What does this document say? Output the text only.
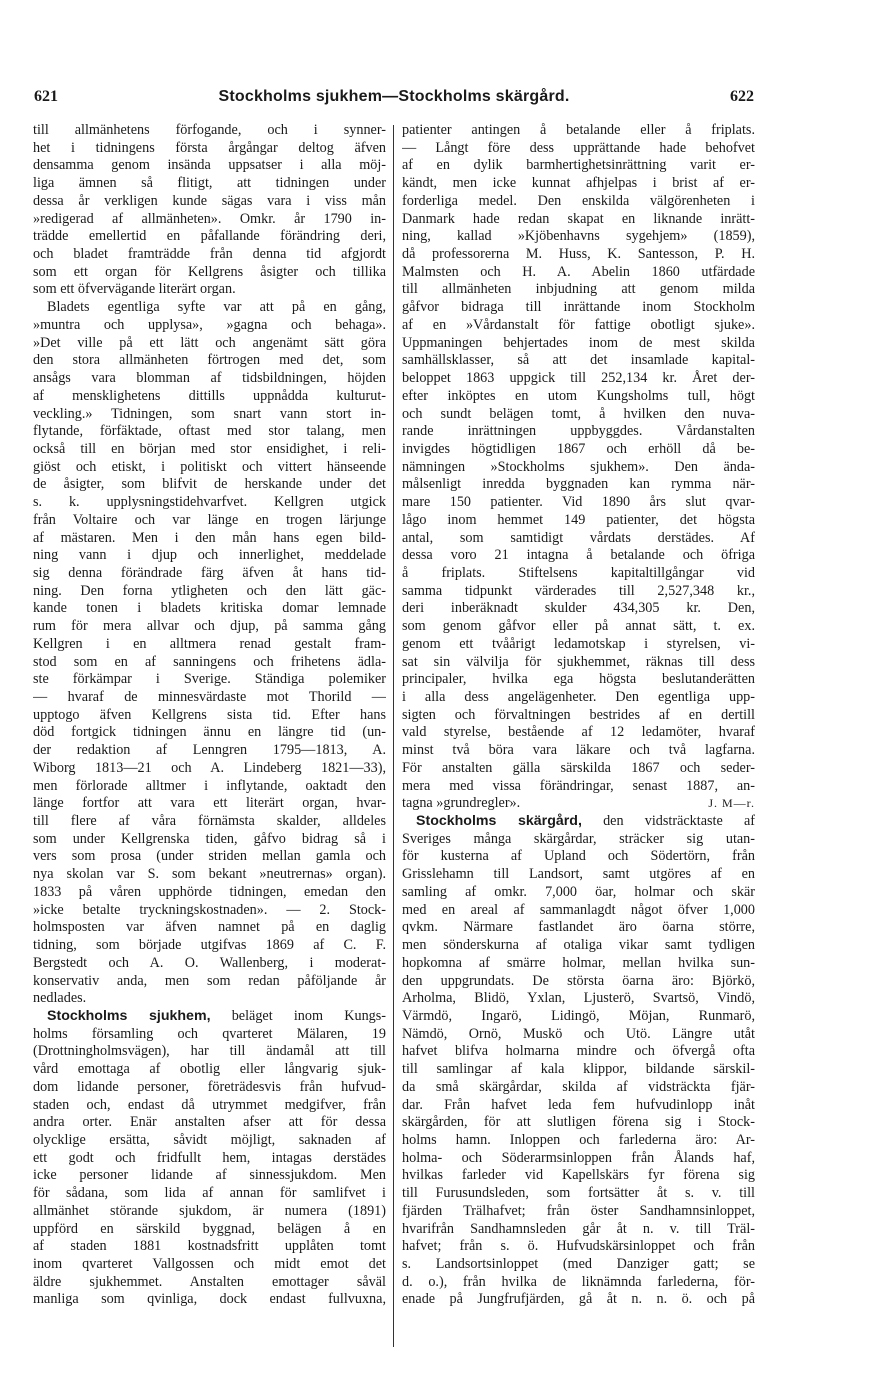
621	Stockholms sjukhem—Stockholms skärgård.	622
till allmänhetens förfogande, och i synner-
het i tidningens första årgångar deltog äfven
densamma genom insända uppsatser i alla möj-
liga ämnen så flitigt, att tidningen under
dessa år verkligen kunde sägas vara i viss mån
»redigerad af allmänheten». Omkr. år 1790 in-
trädde emellertid en påfallande förändring deri,
och bladet framträdde från denna tid afgjordt
som ett organ för Kellgrens åsigter och tillika
som ett öfvervägande literärt organ.
Bladets egentliga syfte var att på en gång,
»muntra och upplysa», »gagna och behaga».
»Det ville på ett lätt och angenämt sätt göra
den stora allmänheten förtrogen med det, som
ansågs vara blomman af tidsbildningen, höjden
af mensklighetens dittills uppnådda kulturut-
veckling.» Tidningen, som snart vann stort in-
flytande, förfäktade, oftast med stor talang, men
också till en början med stor ensidighet, i reli-
giöst och etiskt, i politiskt och vittert hänseende
de åsigter, som blifvit de herskande under det
s. k. upplysningstidehvarfvet. Kellgren utgick
från Voltaire och var länge en trogen lärjunge
af mästaren. Men i den mån hans egen bild-
ning vann i djup och innerlighet, meddelade
sig denna förändrade färg äfven åt hans tid-
ning. Den forna ytligheten och den lätt gäc-
kande tonen i bladets kritiska domar lemnade
rum för mera allvar och djup, på samma gång
Kellgren i en alltmera renad gestalt fram-
stod som en af sanningens och frihetens ädla-
ste förkämpar i Sverige. Ständiga polemiker
— hvaraf de minnesvärdaste mot Thorild —
upptogo äfven Kellgrens sista tid. Efter hans
död fortgick tidningen ännu en längre tid (un-
der redaktion af Lenngren 1795—1813, A.
Wiborg 1813—21 och A. Lindeberg 1821—33),
men förlorade alltmer i inflytande, oaktadt den
länge fortfor att vara ett literärt organ, hvar-
till flere af våra förnämsta skalder, alldeles
som under Kellgrenska tiden, gåfvo bidrag så i
vers som prosa (under striden mellan gamla och
nya skolan var S. som bekant »neutrernas» organ).
1833 på våren upphörde tidningen, emedan den
»icke betalte tryckningskostnaden». — 2. Stock-
holmsposten var äfven namnet på en daglig
tidning, som började utgifvas 1869 af C. F.
Bergstedt och A. O. Wallenberg, i moderat-
konservativ anda, men som redan påföljande år
nedlades.
Stockholms sjukhem, beläget inom Kungs-
holms församling och qvarteret Mälaren, 19
(Drottningholmsvägen), har till ändamål att till
vård emottaga af obotlig eller långvarig sjuk-
dom lidande personer, företrädesvis från hufvud-
staden och, endast då utrymmet medgifver, från
andra orter. Enär anstalten afser att för dessa
olycklige ersätta, såvidt möjligt, saknaden af
ett godt och fridfullt hem, intagas derstädes
icke personer lidande af sinnessjukdom. Men
för sådana, som lida af annan för samlifvet i
allmänhet störande sjukdom, är numera (1891)
uppförd en särskild byggnad, belägen å en
af staden 1881 kostnadsfritt upplåten tomt
inom qvarteret Vallgossen och midt emot det
äldre sjukhemmet. Anstalten emottager såväl
manliga som qvinliga, dock endast fullvuxna,
patienter antingen å betalande eller å friplats.
— Långt före dess upprättande hade behofvet
af en dylik barmhertighetsinrättning varit er-
kändt, men icke kunnat afhjelpas i brist af er-
forderliga medel. Den enskilda välgörenheten i
Danmark hade redan skapat en liknande inrätt-
ning, kallad »Kjöbenhavns sygehjem» (1859),
då professorerna M. Huss, K. Santesson, P. H.
Malmsten och H. A. Abelin 1860 utfärdade
till allmänheten inbjudning att genom milda
gåfvor bidraga till inrättande inom Stockholm
af en »Vårdanstalt för fattige obotligt sjuke».
Uppmaningen behjertades inom de mest skilda
samhällsklasser, så att det insamlade kapital-
beloppet 1863 uppgick till 252,134 kr. Året der-
efter inköptes en utom Kungsholms tull, högt
och sundt belägen tomt, å hvilken den nuva-
rande inrättningen uppbyggdes. Vårdanstalten
invigdes högtidligen 1867 och erhöll då be-
nämningen »Stockholms sjukhem». Den ända-
målsenligt inredda byggnaden kan rymma när-
mare 150 patienter. Vid 1890 års slut qvar-
lågo inom hemmet 149 patienter, det högsta
antal, som samtidigt vårdats derstädes. Af
dessa voro 21 intagna å betalande och öfriga
å friplats. Stiftelsens kapitaltillgångar vid
samma tidpunkt värderades till 2,527,348 kr.,
deri inberäknadt skulder 434,305 kr. Den,
som genom gåfvor eller på annat sätt, t. ex.
genom ett tvåårigt ledamotskap i styrelsen, vi-
sat sin välvilja för sjukhemmet, räknas till dess
principaler, hvilka ega högsta beslutanderätten
i alla dess angelägenheter. Den egentliga upp-
sigten och förvaltningen bestrides af en dertill
vald styrelse, bestående af 12 ledamöter, hvaraf
minst två böra vara läkare och två lagfarna.
För anstalten gälla särskilda 1867 och seder-
mera med vissa förändringar, senast 1887, an-
J. M—r.
tagna »grundregler».
Stockholms skärgård, den vidsträcktaste af
Sveriges många skärgårdar, sträcker sig utan-
för kusterna af Upland och Södertörn, från
Grisslehamn till Landsort, samt utgöres af en
samling af omkr. 7,000 öar, holmar och skär
med en areal af sammanlagdt något öfver 1,000
qvkm. Närmare fastlandet äro öarna större,
men sönderskurna af otaliga vikar samt tydligen
hopkomna af smärre holmar, mellan hvilka sun-
den uppgrundats. De största öarna äro: Björkö,
Arholma, Blidö, Yxlan, Ljusterö, Svartsö, Vindö,
Värmdö, Ingarö, Lidingö, Möjan, Runmarö,
Nämdö, Ornö, Muskö och Utö. Längre utåt
hafvet blifva holmarna mindre och öfvergå ofta
till samlingar af kala klippor, bildande särskil-
da små skärgårdar, skilda af vidsträckta fjär-
dar. Från hafvet leda fem hufvudinlopp inåt
skärgården, för att slutligen förena sig i Stock-
holms hamn. Inloppen och farlederna äro: Ar-
holma- och Söderarmsinloppen från Ålands haf,
hvilkas farleder vid Kapellskärs fyr förena sig
till Furusundsleden, som fortsätter åt s. v. till
fjärden Trälhafvet; från öster Sandhamnsinloppet,
hvarifrån Sandhamnsleden går åt n. v. till Träl-
hafvet; från s. ö. Hufvudskärsinloppet och från
s. Landsortsinloppet (med Danziger gatt; se
d. o.), från hvilka de liknämnda farlederna, för-
enade på Jungfrufjärden, gå åt n. n. ö. och på
